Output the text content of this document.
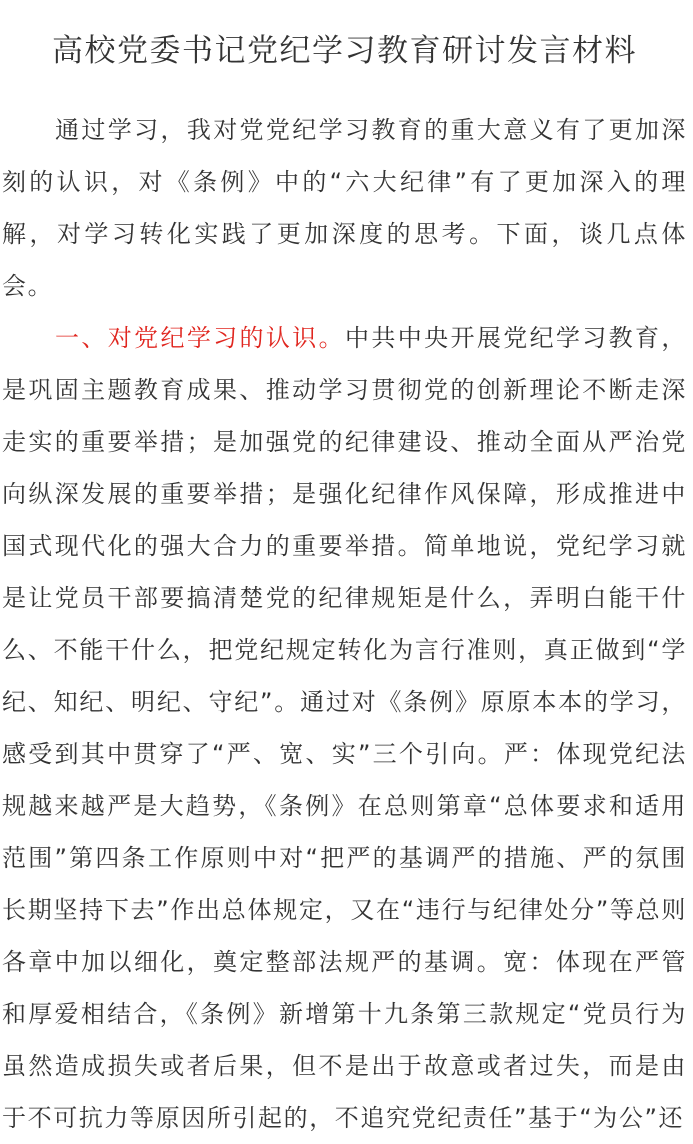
高校党委书记党纪学习教育研讨发言材料

通过学习，我对党党纪学习教育的重大意义有了更加深刻的认识，对《条例》中的“六大纪律”有了更加深入的理解，对学习转化实践了更加深度的思考。下面，谈几点体会。

一、对党纪学习的认识。中共中央开展党纪学习教育，是巩固主题教育成果、推动学习贯彻党的创新理论不断走深走实的重要举措；是加强党的纪律建设、推动全面从严治党向纵深发展的重要举措；是强化纪律作风保障，形成推进中国式现代化的强大合力的重要举措。简单地说，党纪学习就是让党员干部要搞清楚党的纪律规矩是什么，弄明白能干什么、不能干什么，把党纪规定转化为言行准则，真正做到“学纪、知纪、明纪、守纪”。通过对《条例》原原本本的学习，感受到其中贯穿了“严、宽、实”三个引向。严：体现党纪法规越来越严是大趋势，《条例》在总则第章“总体要求和适用范围”第四条工作原则中对“把严的基调严的措施、严的氛围长期坚持下去”作出总体规定，又在“违行与纪律处分”等总则各章中加以细化，奠定整部法规严的基调。宽：体现在严管和厚爱相结合，《条例》新增第十九条第三款规定“党员行为虽然造成损失或者后果，但不是出于故意或者过失，而是由于不可抗力等原因所引起的，不追究党纪责任”基于“为公”还
